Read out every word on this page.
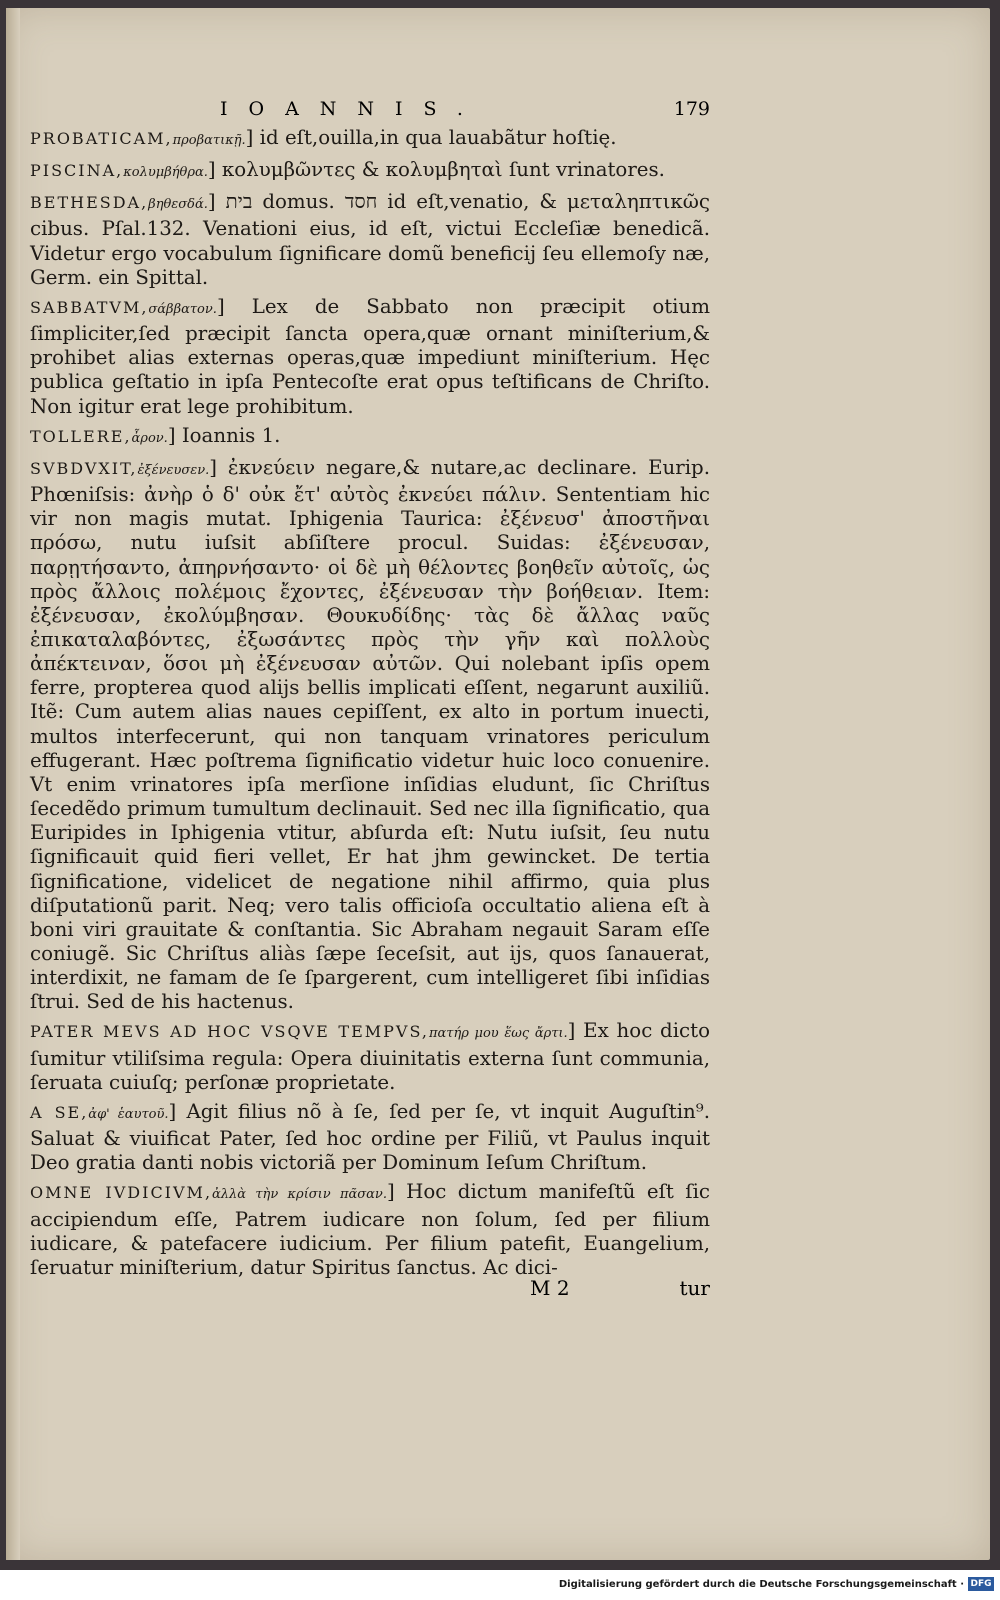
IOANNIS.	179

PROBATICAM,προβατικῇ.] id eſt,ouilla,in qua lauabãtur hoſtię.

PISCINA,κολυμβήθρα.] κολυμβῶντες & κολυμβηταὶ ſunt vrinatores.

BETHESDA,βηθεσδά.] בית domus. חסד id eſt,venatio, & μεταληπτικῶς cibus. Pſal.132. Venationi eius, id eſt, victui Eccleſiæ benedicã. Videtur ergo vocabulum ſignificare domũ beneficij ſeu ellemoſy næ, Germ. ein Spittal.

SABBATVM,σάββατον.] Lex de Sabbato non præcipit otium ſimpliciter,ſed præcipit ſancta opera,quæ ornant miniſterium,& prohibet alias externas operas,quæ impediunt miniſterium. Hęc publica geſtatio in ipſa Pentecoſte erat opus teſtificans de Chriſto. Non igitur erat lege prohibitum.

TOLLERE,ἆρον.] Ioannis 1.

SVBDVXIT,ἐξένευσεν.] ἐκνεύειν negare,& nutare,ac declinare. Eurip. Phœniſsis: ἀνὴρ ὁ δ' οὐκ ἔτ' αὐτὸς ἐκνεύει πάλιν. Sententiam hic vir non magis mutat. Iphigenia Taurica: ἐξένευσ' ἀποστῆναι πρόσω, nutu iuſsit abſiſtere procul. Suidas: ἐξένευσαν, παρῃτήσαντο, ἀπηρνήσαντο· οἱ δὲ μὴ θέλοντες βοηθεῖν αὐτοῖς, ὡς πρὸς ἄλλοις πολέμοις ἔχοντες, ἐξένευσαν τὴν βοήθειαν. Item: ἐξένευσαν, ἐκολύμβησαν. Θουκυδίδης· τὰς δὲ ἄλλας ναῦς ἐπικαταλαβόντες, ἐξωσάντες πρὸς τὴν γῆν καὶ πολλοὺς ἀπέκτειναν, ὅσοι μὴ ἐξένευσαν αὐτῶν. Qui nolebant ipſis opem ferre, propterea quod alijs bellis implicati eſſent, negarunt auxiliũ. Itẽ: Cum autem alias naues cepiſſent, ex alto in portum inuecti, multos interfecerunt, qui non tanquam vrinatores periculum effugerant. Hæc poſtrema ſignificatio videtur huic loco conuenire. Vt enim vrinatores ipſa merſione inſidias eludunt, ſic Chriſtus ſecedẽdo primum tumultum declinauit. Sed nec illa ſignificatio, qua Euripides in Iphigenia vtitur, abſurda eſt: Nutu iuſsit, ſeu nutu ſignificauit quid fieri vellet, Er hat jhm gewincket. De tertia ſignificatione, videlicet de negatione nihil affirmo, quia plus diſputationũ parit. Neq; vero talis officioſa occultatio aliena eſt à boni viri grauitate & conſtantia. Sic Abraham negauit Saram eſſe coniugẽ. Sic Chriſtus aliàs ſæpe ſeceſsit, aut ijs, quos ſanauerat, interdixit, ne famam de ſe ſpargerent, cum intelligeret ſibi inſidias ſtrui. Sed de his hactenus.

PATER MEVS AD HOC VSQVE TEMPVS,πατήρ μου ἕως ἄρτι.] Ex hoc dicto ſumitur vtiliſsima regula: Opera diuinitatis externa ſunt communia, ſeruata cuiuſq; perſonæ proprietate.

A SE,ἀφ' ἑαυτοῦ.] Agit filius nõ à ſe, ſed per ſe, vt inquit Auguſtin⁹. Saluat & viuificat Pater, ſed hoc ordine per Filiũ, vt Paulus inquit Deo gratia danti nobis victoriã per Dominum Ieſum Chriſtum.

OMNE IVDICIVM,ἀλλὰ τὴν κρίσιν πᾶσαν.] Hoc dictum manifeſtũ eſt ſic accipiendum eſſe, Patrem iudicare non ſolum, ſed per filium iudicare, & patefacere iudicium. Per filium patefit, Euangelium, ſeruatur miniſterium, datur Spiritus ſanctus. Ac dici-

M 2	tur
Digitalisierung gefördert durch die Deutsche Forschungsgemeinschaft · DFG
